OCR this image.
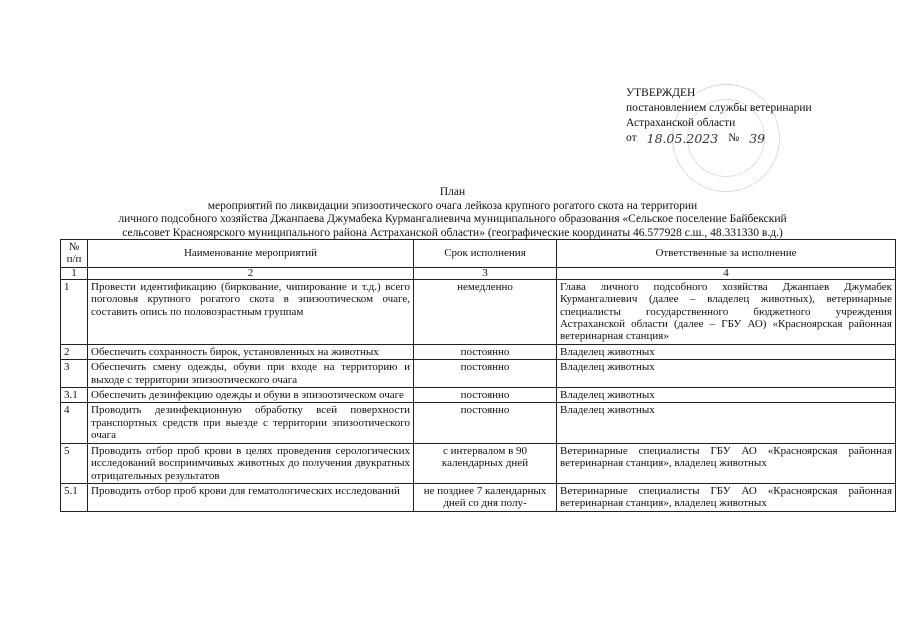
УТВЕРЖДЕН
постановлением службы ветеринарии
Астраханской области
от 18.05.2023 № 39
План
мероприятий по ликвидации эпизоотического очага лейкоза крупного рогатого скота на территории
личного подсобного хозяйства Джанпаева Джумабека Курмангалиевича муниципального образования «Сельское поселение Байбекский
сельсовет Красноярского муниципального района Астраханской области» (географические координаты 46.577928 с.ш., 48.331330 в.д.)
№ п/п	Наименование мероприятий	Срок исполнения	Ответственные за исполнение
1	2	3	4
1	Провести идентификацию (биркование, чипирование и т.д.) всего поголовья крупного рогатого скота в эпизоотическом очаге, составить опись по половозрастным группам	немедленно	Глава личного подсобного хозяйства Джанпаев Джумабек Курмангалиевич (далее – владелец животных), ветеринарные специалисты государственного бюджетного учреждения Астраханской области (далее – ГБУ АО) «Красноярская районная ветеринарная станция»
2	Обеспечить сохранность бирок, установленных на животных	постоянно	Владелец животных
3	Обеспечить смену одежды, обуви при входе на территорию и выходе с территории эпизоотического очага	постоянно	Владелец животных
3.1	Обеспечить дезинфекцию одежды и обуви в эпизоотическом очаге	постоянно	Владелец животных
4	Проводить дезинфекционную обработку всей поверхности транспортных средств при выезде с территории эпизоотического очага	постоянно	Владелец животных
5	Проводить отбор проб крови в целях проведения серологических исследований восприимчивых животных до получения двукратных отрицательных результатов	с интервалом в 90 календарных дней	Ветеринарные специалисты ГБУ АО «Красноярская районная ветеринарная станция», владелец животных
5.1	Проводить отбор проб крови для гематологических исследований	не позднее 7 календарных дней со дня полу-	Ветеринарные специалисты ГБУ АО «Красноярская районная ветеринарная станция», владелец животных
